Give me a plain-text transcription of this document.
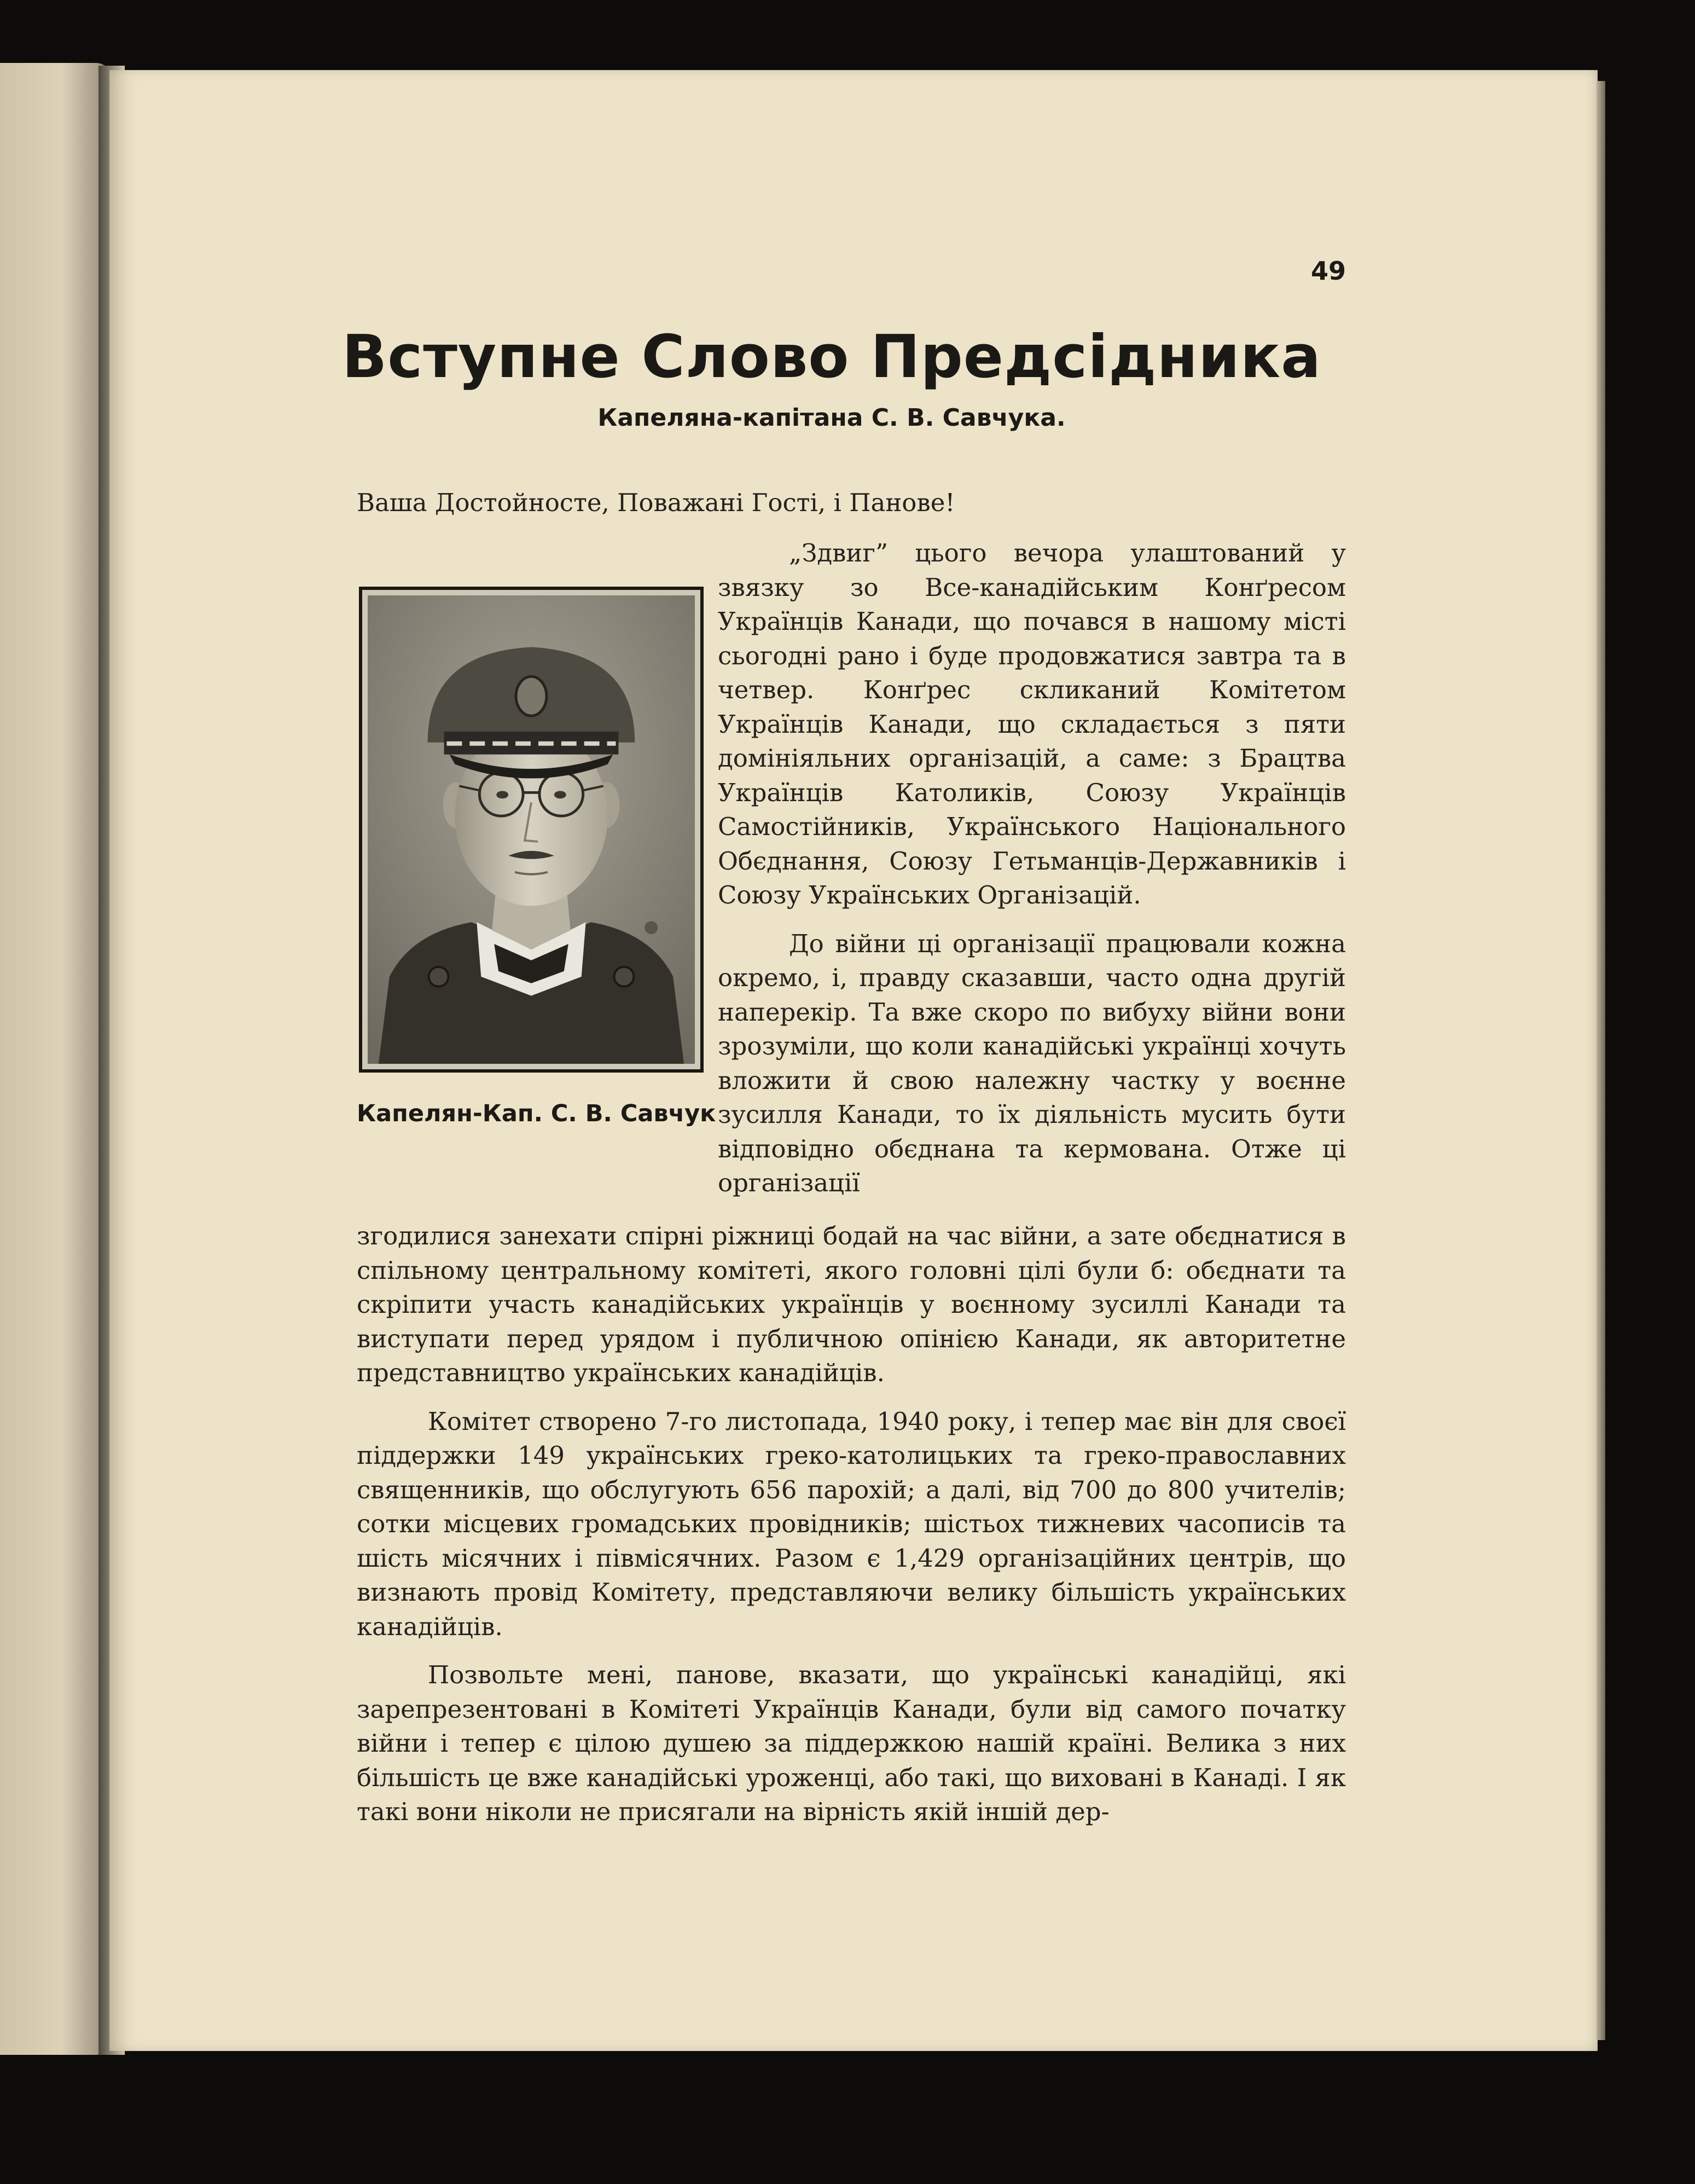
49
Вступне Слово Предсідника
Капеляна-капітана С. В. Савчука.
Ваша Достойносте, Поважані Гості, і Панове!
Капелян-Кап. С. В. Савчук

„Здвиг” цього вечора улаштований у звязку зо Все-канадійським Конґресом Українців Канади, що почався в нашому місті сьогодні рано і буде продовжатися завтра та в четвер. Конґрес скликаний Комітетом Українців Канади, що складається з пяти домініяльних організацій, а саме: з Брацтва Українців Католиків, Союзу Українців Самостійників, Українського Національного Обєднання, Союзу Гетьманців-Державників і Союзу Українських Організацій.

До війни ці організації працювали кожна окремо, і, правду сказавши, часто одна другій наперекір. Та вже скоро по вибуху війни вони зрозуміли, що коли канадійські українці хочуть вложити й свою належну частку у воєнне зусилля Канади, то їх діяльність мусить бути відповідно обєднана та кермована. Отже ці організації

згодилися занехати спірні ріжниці бодай на час війни, а зате обєднатися в спільному центральному комітеті, якого головні цілі були б: обєднати та скріпити участь канадійських українців у воєнному зусиллі Канади та виступати перед урядом і публичною опінією Канади, як авторитетне представництво українських канадійців.

Комітет створено 7-го листопада, 1940 року, і тепер має він для своєї піддержки 149 українських греко-католицьких та греко-православних священників, що обслугують 656 парохій; а далі, від 700 до 800 учителів; сотки місцевих громадських провідників; шістьох тижневих часописів та шість місячних і півмісячних. Разом є 1,429 організаційних центрів, що визнають провід Комітету, представляючи велику більшість українських канадійців.

Позвольте мені, панове, вказати, що українські канадійці, які зарепрезентовані в Комітеті Українців Канади, були від самого початку війни і тепер є цілою душею за піддержкою нашій країні. Велика з них більшість це вже канадійські уроженці, або такі, що виховані в Канаді. І як такі вони ніколи не присягали на вірність якій іншій дер-
